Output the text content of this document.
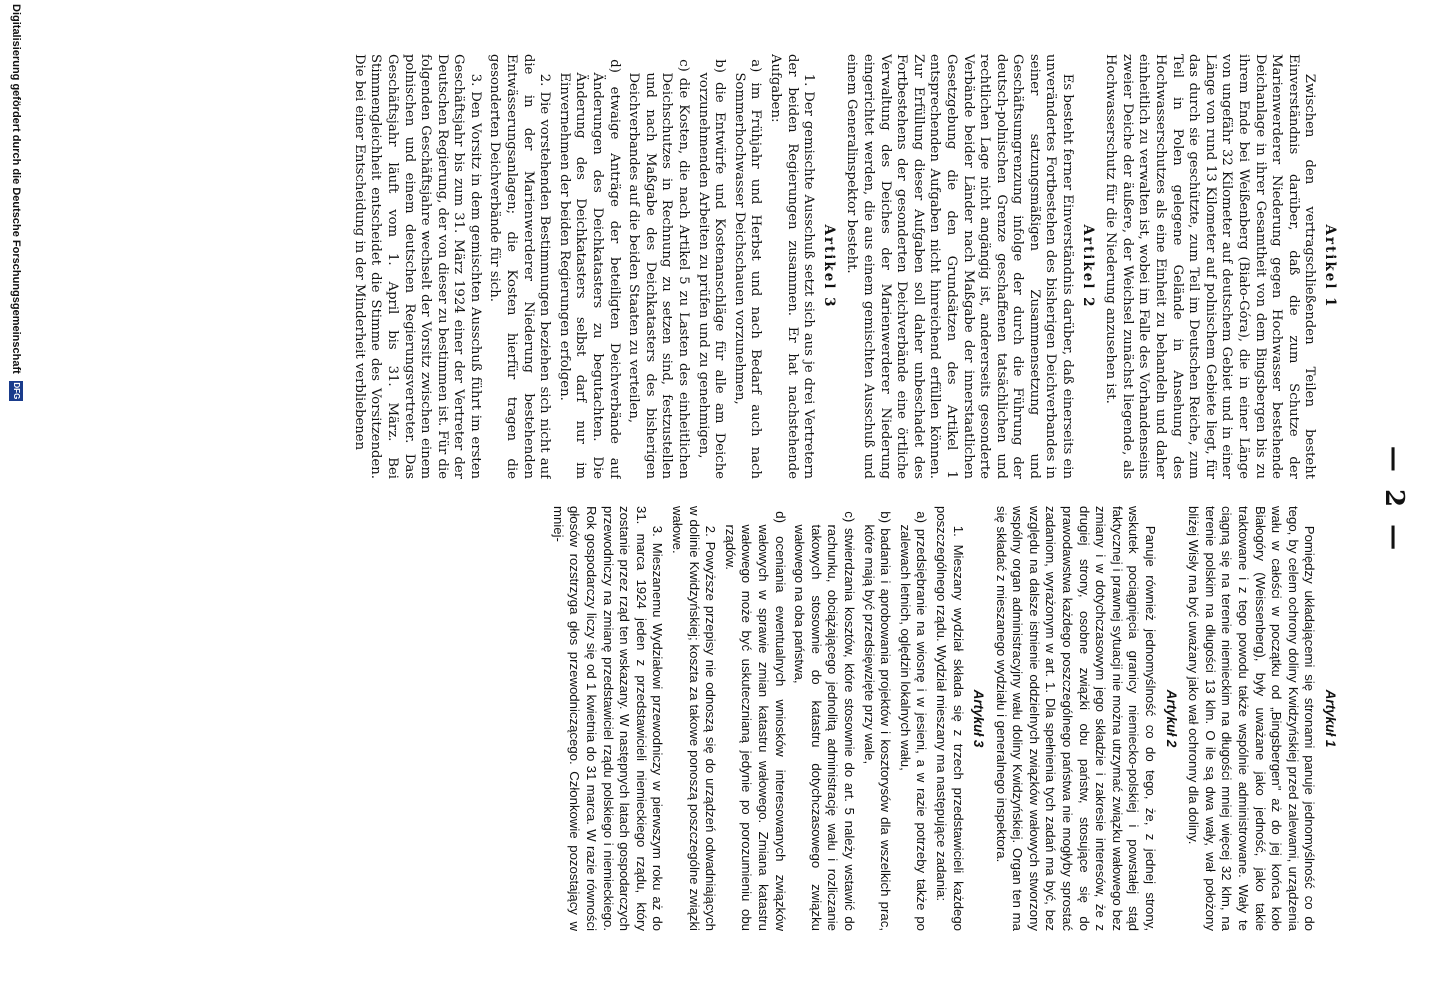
— 2 —
Artikel 1

Zwischen den vertragschließenden Teilen besteht Einverständnis darüber, daß die zum Schutze der Marienwerderer Niederung gegen Hochwasser bestehende Deichanlage in ihrer Gesamtheit von dem Bingsbergen bis zu ihrem Ende bei Weißenberg (Biało-Góra), die in einer Länge von ungefähr 32 Kilometer auf deutschem Gebiet und in einer Länge von rund 13 Kilometer auf polnischem Gebiete liegt, für das durch sie geschützte, zum Teil im Deutschen Reiche, zum Teil in Polen gelegene Gelände in Ansehung des Hochwasserschutzes als eine Einheit zu behandeln und daher einheitlich zu verwalten ist, wobei im Falle des Vorhandenseins zweier Deiche der äußere, der Weichsel zunächst liegende, als Hochwasserschutz für die Niederung anzusehen ist.

Artikel 2

Es besteht ferner Einverständnis darüber, daß einerseits ein unverändertes Fortbestehen des bisherigen Deichverbandes in seiner satzungsmäßigen Zusammensetzung und Geschäftsumgrenzung infolge der durch die Führung der deutsch-polnischen Grenze geschaffenen tatsächlichen und rechtlichen Lage nicht angängig ist, andererseits gesonderte Verbände beider Länder nach Maßgabe der innerstaatlichen Gesetzgebung die den Grundsätzen des Artikel 1 entsprechenden Aufgaben nicht hinreichend erfüllen können. Zur Erfüllung dieser Aufgaben soll daher unbeschadet des Fortbestehens der gesonderten Deichverbände eine örtliche Verwaltung des Deiches der Marienwerderer Niederung eingerichtet werden, die aus einem gemischten Ausschuß und einem Generalinspektor besteht.

Artikel 3

1. Der gemischte Ausschuß setzt sich aus je drei Vertretern der beiden Regierungen zusammen. Er hat nachstehende Aufgaben:

a) im Frühjahr und Herbst und nach Bedarf auch nach Sommerhochwasser Deichschauen vorzunehmen,

b) die Entwürfe und Kostenanschläge für alle am Deiche vorzunehmenden Arbeiten zu prüfen und zu genehmigen,

c) die Kosten, die nach Artikel 5 zu Lasten des einheitlichen Deichschutzes in Rechnung zu setzen sind, festzustellen und nach Maßgabe des Deichkatasters des bisherigen Deichverbandes auf die beiden Staaten zu verteilen,

d) etwaige Anträge der beteiligten Deichverbände auf Änderungen des Deichkatasters zu begutachten. Die Änderung des Deichkatasters selbst darf nur im Einvernehmen der beiden Regierungen erfolgen.

2. Die vorstehenden Bestimmungen beziehen sich nicht auf die in der Marienwerderer Niederung bestehenden Entwässerungsanlagen; die Kosten hierfür tragen die gesonderten Deichverbände für sich.

3. Den Vorsitz in dem gemischten Ausschuß führt im ersten Geschäftsjahr bis zum 31. März 1924 einer der Vertreter der Deutschen Regierung, der von dieser zu bestimmen ist. Für die folgenden Geschäftsjahre wechselt der Vorsitz zwischen einem polnischen und einem deutschen Regierungsvertreter. Das Geschäftsjahr läuft vom 1. April bis 31. März. Bei Stimmengleichheit entscheidet die Stimme des Vorsitzenden. Die bei einer Entscheidung in der Minderheit verbliebenen

Artykuł 1

Pomiędzy układającemi się stronami panuje jednomyślność co do tego, by celem ochrony doliny Kwidzyńskiej przed zalewami, urządzenia wału w całości w początku od „Bingsbergen" aż do jej końca koło Białogóry (Weissenberg), były uważane jako jedność, jako takie traktowane i z tego powodu także wspólnie administrowane. Wały te ciągną się na terenie niemieckim na długości mniej więcej 32 klm, na terenie polskim na długości 13 klm. O ile są dwa wały, wał położony bliżej Wisły ma być uważany jako wał ochronny dla doliny.

Artykuł 2

Panuje również jednomyślność co do tego, że, z jednej strony, wskutek pociągnięcia granicy niemiecko-polskiej i powstałej stąd faktycznej i prawnej sytuacji nie można utrzymać związku wałowego bez zmiany i w dotychczasowym jego składzie i zakresie interesów, że z drugiej strony, osobne związki obu państw, stosujące się do prawodawstwa każdego poszczególnego państwa nie mogłyby sprostać zadaniom, wyrażonym w art. 1. Dla spełnienia tych zadań ma być, bez względu na dalsze istnienie oddzielnych związków wałowych stworzony wspólny organ administracyjny wału doliny Kwidzyńskiej. Organ ten ma się składać z mieszanego wydziału i generalnego inspektora.

Artykuł 3

1. Mieszany wydział składa się z trzech przedstawicieli każdego poszczególnego rządu. Wydział mieszany ma następujące zadania:

a) przedsiębranie na wiosnę i w jesieni, a w razie potrzeby także po zalewach letnich, oględzin lokalnych wału,

b) badania i aprobowania projektów i kosztorysów dla wszelkich prac, które mają być przedsięwzięte przy wale,

c) stwierdzania kosztów, które stosownie do art. 5 należy wstawić do rachunku, obciążającego jednolitą administrację wału i rozliczanie takowych stosownie do katastru dotychczasowego związku wałowego na oba państwa,

d) oceniania ewentualnych wniosków interesowanych związków wałowych w sprawie zmian katastru wałowego. Zmiana katastru wałowego może być uskutecznianą jedynie po porozumieniu obu rządów.

2. Powyższe przepisy nie odnoszą się do urządzeń odwadniających w dolinie Kwidzyńskiej; koszta za takowe ponoszą poszczególne związki wałowe.

3. Mieszanemu Wydziałowi przewodniczy w pierwszym roku aż do 31. marca 1924 jeden z przedstawicieli niemieckiego rządu, który zostanie przez rząd ten wskazany. W następnych latach gospodarczych przewodniczy na zmianę przedstawiciel rządu polskiego i niemieckiego. Rok gospodarczy liczy się od 1 kwietnia do 31 marca. W razie równości głosów rozstrzyga głos przewodniczącego. Członkowie pozostający w mniej-

Digitalisierung gefördert durch die Deutsche Forschungsgemeinschaft DFG
